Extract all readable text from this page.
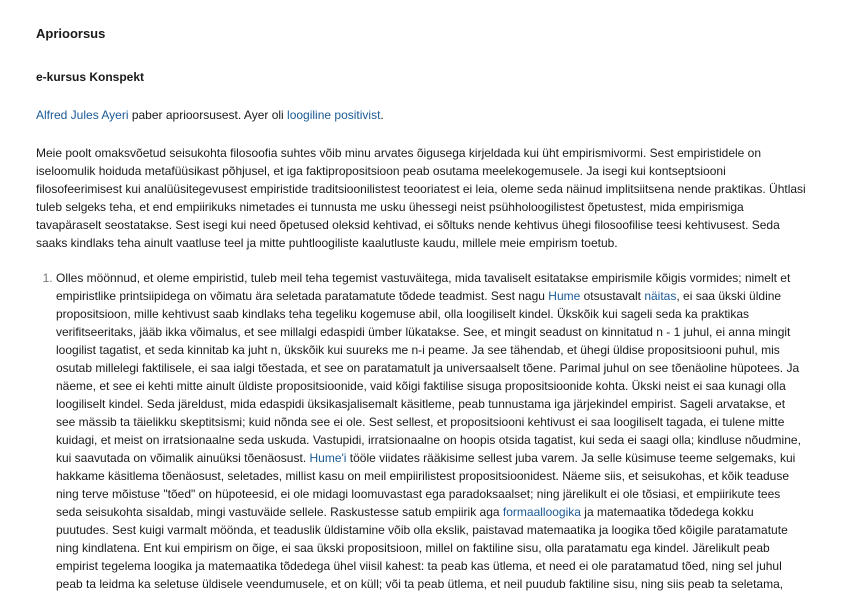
Aprioorsus
e-kursus Konspekt

Alfred Jules Ayeri paber aprioorsusest. Ayer oli loogiline positivist.

Meie poolt omaksvõetud seisukohta filosoofia suhtes võib minu arvates õigusega kirjeldada kui üht empirismivormi. Sest empiristidele on iseloomulik hoiduda metafüüsikast põhjusel, et iga faktipropositsioon peab osutama meelekogemusele. Ja isegi kui kontseptsiooni filosofeerimisest kui analüüsitegevusest empiristide traditsioonilistest teooriatest ei leia, oleme seda näinud implitsiitsena nende praktikas. Ühtlasi tuleb selgeks teha, et end empiirikuks nimetades ei tunnusta me usku ühessegi neist psühholoogilistest õpetustest, mida empirismiga tavapäraselt seostatakse. Sest isegi kui need õpetused oleksid kehtivad, ei sõltuks nende kehtivus ühegi filosoofilise teesi kehtivusest. Seda saaks kindlaks teha ainult vaatluse teel ja mitte puhtloogiliste kaalutluste kaudu, millele meie empirism toetub.

1. Olles möönnud, et oleme empiristid, tuleb meil teha tegemist vastuväitega, mida tavaliselt esitatakse empirismile kõigis vormides; nimelt et empiristlike printsiipidega on võimatu ära seletada paratamatute tõdede teadmist. Sest nagu Hume otsustavalt näitas, ei saa ükski üldine propositsioon, mille kehtivust saab kindlaks teha tegeliku kogemuse abil, olla loogiliselt kindel. Ükskõik kui sageli seda ka praktikas verifitseeritaks, jääb ikka võimalus, et see millalgi edaspidi ümber lükatakse. See, et mingit seadust on kinnitatud n - 1 juhul, ei anna mingit loogilist tagatist, et seda kinnitab ka juht n, ükskõik kui suureks me n-i peame. Ja see tähendab, et ühegi üldise propositsiooni puhul, mis osutab millelegi faktilisele, ei saa ialgi tõestada, et see on paratamatult ja universaalselt tõene. Parimal juhul on see tõenäoline hüpotees. Ja näeme, et see ei kehti mitte ainult üldiste propositsioonide, vaid kõigi faktilise sisuga propositsioonide kohta. Ükski neist ei saa kunagi olla loogiliselt kindel. Seda järeldust, mida edaspidi üksikasjalisemalt käsitleme, peab tunnustama iga järjekindel empirist. Sageli arvatakse, et see mässib ta täielikku skeptitsismi; kuid nõnda see ei ole. Sest sellest, et propositsiooni kehtivust ei saa loogiliselt tagada, ei tulene mitte kuidagi, et meist on irratsionaalne seda uskuda. Vastupidi, irratsionaalne on hoopis otsida tagatist, kui seda ei saagi olla; kindluse nõudmine, kui saavutada on võimalik ainuüksi tõenäosust. Hume'i tööle viidates rääkisime sellest juba varem. Ja selle küsimuse teeme selgemaks, kui hakkame käsitlema tõenäosust, seletades, millist kasu on meil empiirilistest propositsioonidest. Näeme siis, et seisukohas, et kõik teaduse ning terve mõistuse "tõed" on hüpoteesid, ei ole midagi loomuvastast ega paradoksaalset; ning järelikult ei ole tõsiasi, et empiirikute tees seda seisukohta sisaldab, mingi vastuväide sellele. Raskustesse satub empiirik aga formaalloogika ja matemaatika tõdedega kokku puutudes. Sest kuigi varmalt möönda, et teaduslik üldistamine võib olla ekslik, paistavad matemaatika ja loogika tõed kõigile paratamatute ning kindlatena. Ent kui empirism on õige, ei saa ükski propositsioon, millel on faktiline sisu, olla paratamatu ega kindel. Järelikult peab empirist tegelema loogika ja matemaatika tõdedega ühel viisil kahest: ta peab kas ütlema, et need ei ole paratamatud tõed, ning sel juhul peab ta leidma ka seletuse üldisele veendumusele, et on küll; või ta peab ütlema, et neil puudub faktiline sisu, ning siis peab ta seletama,
